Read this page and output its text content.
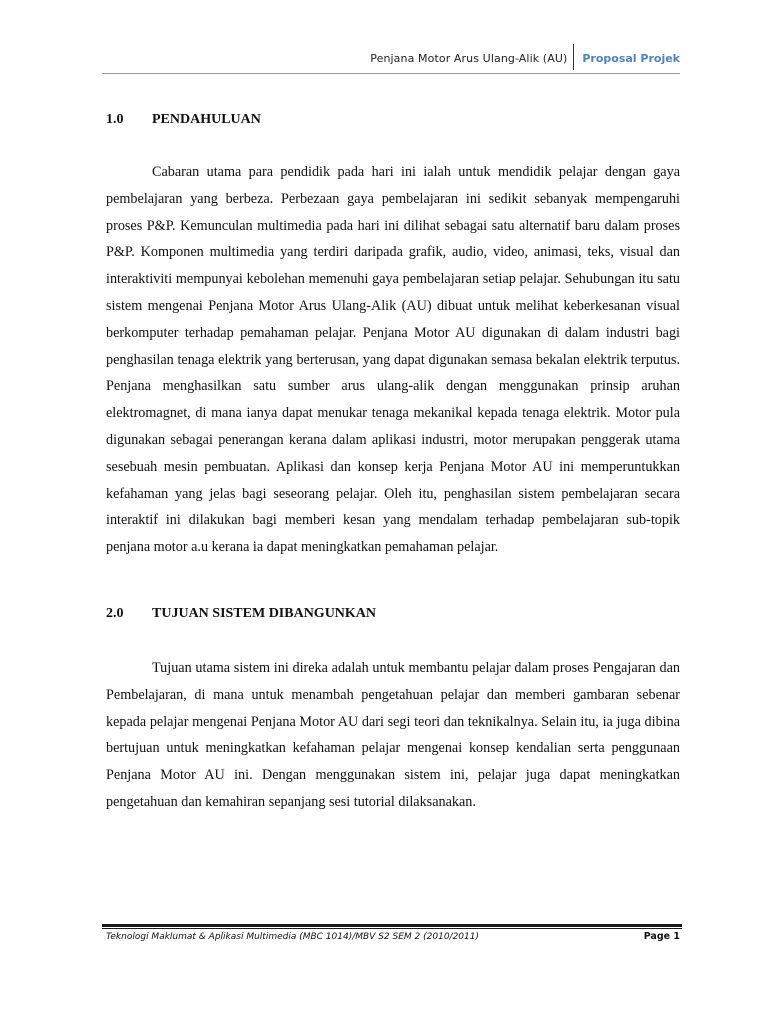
Penjana Motor Arus Ulang-Alik (AU)	Proposal Projek
1.0	PENDAHULUAN

Cabaran utama para pendidik pada hari ini ialah untuk mendidik pelajar dengan gaya pembelajaran yang berbeza. Perbezaan gaya pembelajaran ini sedikit sebanyak mempengaruhi proses P&P. Kemunculan multimedia pada hari ini dilihat sebagai satu alternatif baru dalam proses P&P. Komponen multimedia yang terdiri daripada grafik, audio, video, animasi, teks, visual dan interaktiviti mempunyai kebolehan memenuhi gaya pembelajaran setiap pelajar. Sehubungan itu satu sistem mengenai Penjana Motor Arus Ulang-Alik (AU) dibuat untuk melihat keberkesanan visual berkomputer terhadap pemahaman pelajar. Penjana Motor AU digunakan di dalam industri bagi penghasilan tenaga elektrik yang berterusan, yang dapat digunakan semasa bekalan elektrik terputus. Penjana menghasilkan satu sumber arus ulang-alik dengan menggunakan prinsip aruhan elektromagnet, di mana ianya dapat menukar tenaga mekanikal kepada tenaga elektrik. Motor pula digunakan sebagai penerangan kerana dalam aplikasi industri, motor merupakan penggerak utama sesebuah mesin pembuatan. Aplikasi dan konsep kerja Penjana Motor AU ini memperuntukkan kefahaman yang jelas bagi seseorang pelajar. Oleh itu, penghasilan sistem pembelajaran secara interaktif ini dilakukan bagi memberi kesan yang mendalam terhadap pembelajaran sub-topik penjana motor a.u kerana ia dapat meningkatkan pemahaman pelajar.

2.0	TUJUAN SISTEM DIBANGUNKAN

Tujuan utama sistem ini direka adalah untuk membantu pelajar dalam proses Pengajaran dan Pembelajaran, di mana untuk menambah pengetahuan pelajar dan memberi gambaran sebenar kepada pelajar mengenai Penjana Motor AU dari segi teori dan teknikalnya. Selain itu, ia juga dibina bertujuan untuk meningkatkan kefahaman pelajar mengenai konsep kendalian serta penggunaan Penjana Motor AU ini. Dengan menggunakan sistem ini, pelajar juga dapat meningkatkan pengetahuan dan kemahiran sepanjang sesi tutorial dilaksanakan.

Teknologi Maklumat & Aplikasi Multimedia (MBC 1014)/MBV S2 SEM 2 (2010/2011)	Page 1
